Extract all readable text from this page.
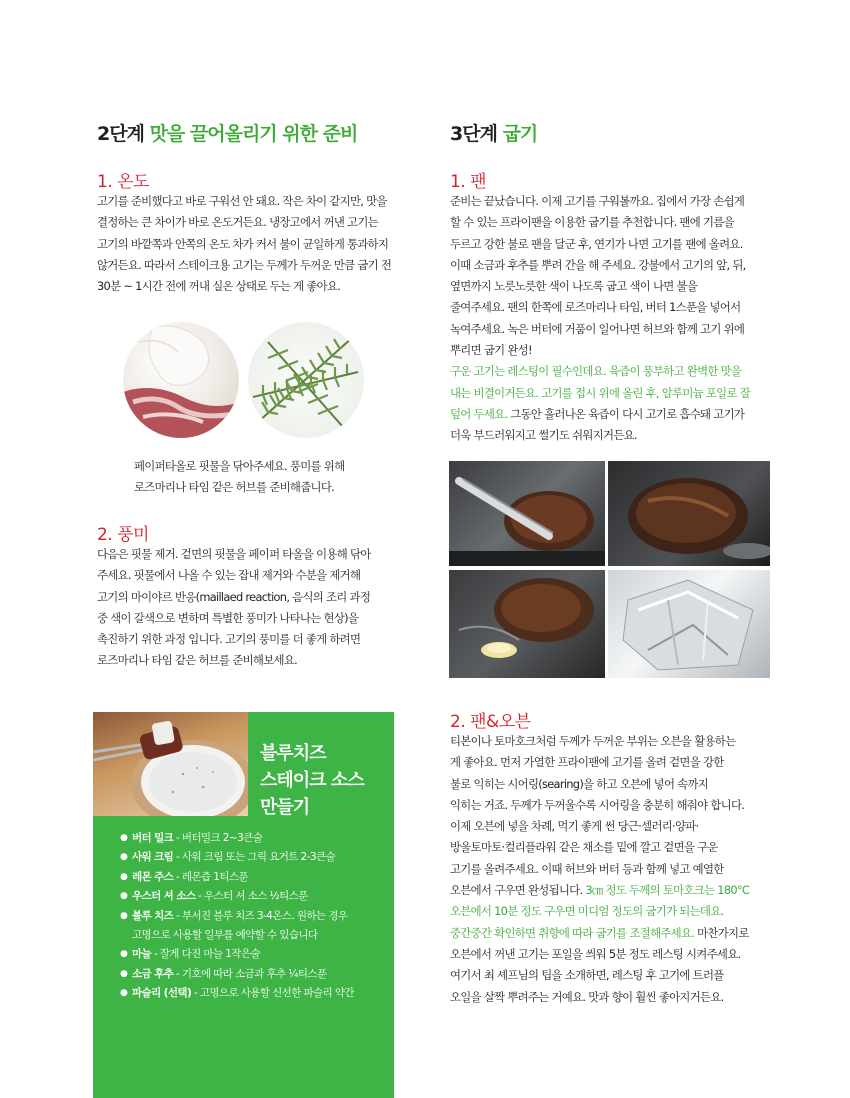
2단계 맛을 끌어올리기 위한 준비
1. 온도
고기를 준비했다고 바로 구워선 안 돼요. 작은 차이 같지만, 맛을
결정하는 큰 차이가 바로 온도거든요. 냉장고에서 꺼낸 고기는
고기의 바깥쪽과 안쪽의 온도 차가 커서 불이 균일하게 통과하지
않거든요. 따라서 스테이크용 고기는 두께가 두꺼운 만큼 굽기 전
30분 ~ 1시간 전에 꺼내 실온 상태로 두는 게 좋아요.
페이퍼타올로 핏물을 닦아주세요. 풍미를 위해
로즈마리나 타임 같은 허브를 준비해줍니다.
2. 풍미
다음은 핏물 제거. 겉면의 핏물을 페이퍼 타올을 이용해 닦아
주세요. 핏물에서 나올 수 있는 잡내 제거와 수분을 제거해
고기의 마이야르 반응(maillaed reaction, 음식의 조리 과정
중 색이 갈색으로 변하며 특별한 풍미가 나타나는 현상)을
촉진하기 위한 과정 입니다. 고기의 풍미를 더 좋게 하려면
로즈마리나 타임 같은 허브를 준비해보세요.
블루치즈
스테이크 소스
만들기
● 버터 밀크 - 버터밀크 2~3큰술
● 사워 크림 - 사워 크림 또는 그릭 요거트 2-3큰술
● 레몬 주스 - 레몬즙 1티스푼
● 우스터 셔 소스 - 우스터 셔 소스 ½티스푼
● 블루 치즈 - 부서진 블루 치즈 3-4온스. 원하는 경우
고명으로 사용할 일부를 예약할 수 있습니다
● 마늘 - 잘게 다진 마늘 1작은술
● 소금 후추 - 기호에 따라 소금과 후추 ¼티스푼
● 파슬리 (선택) - 고명으로 사용할 신선한 파슬리 약간
3단계 굽기
1. 팬
준비는 끝났습니다. 이제 고기를 구워볼까요. 집에서 가장 손쉽게
할 수 있는 프라이팬을 이용한 굽기를 추천합니다. 팬에 기름을
두르고 강한 불로 팬을 달군 후, 연기가 나면 고기를 팬에 올려요.
이때 소금과 후추를 뿌려 간을 해 주세요. 강불에서 고기의 앞, 뒤,
옆면까지 노릇노릇한 색이 나도록 굽고 색이 나면 불을
줄여주세요. 팬의 한쪽에 로즈마리나 타임, 버터 1스푼을 넣어서
녹여주세요. 녹은 버터에 거품이 일어나면 허브와 함께 고기 위에
뿌리면 굽기 완성!
구운 고기는 레스팅이 필수인데요. 육즙이 풍부하고 완벽한 맛을
내는 비결이거든요. 고기를 접시 위에 올린 후, 알루미늄 포일로 잘
덮어 두세요. 그동안 흘러나온 육즙이 다시 고기로 흡수돼 고기가
더욱 부드러워지고 썰기도 쉬워지거든요.
2. 팬&오븐
티본이나 토마호크처럼 두께가 두꺼운 부위는 오븐을 활용하는
게 좋아요. 먼저 가열한 프라이팬에 고기를 올려 겉면을 강한
불로 익히는 시어링(searing)을 하고 오븐에 넣어 속까지
익히는 거죠. 두께가 두꺼울수록 시어링을 충분히 해줘야 합니다.
이제 오븐에 넣을 차례, 먹기 좋게 썬 당근·셀러리·양파·
방울토마토·컬리플라워 같은 채소를 밑에 깔고 겉면을 구운
고기를 올려주세요. 이때 허브와 버터 등과 함께 넣고 예열한
오븐에서 구우면 완성됩니다. 3㎝ 정도 두께의 토마호크는 180°C
오븐에서 10분 정도 구우면 미디엄 정도의 굽기가 되는데요.
중간중간 확인하면 취향에 따라 굽기를 조절해주세요. 마찬가지로
오븐에서 꺼낸 고기는 포일을 씌워 5분 정도 레스팅 시켜주세요.
여기서 최 셰프님의 팁을 소개하면, 레스팅 후 고기에 트러플
오일을 살짝 뿌려주는 거예요. 맛과 향이 훨씬 좋아지거든요.
